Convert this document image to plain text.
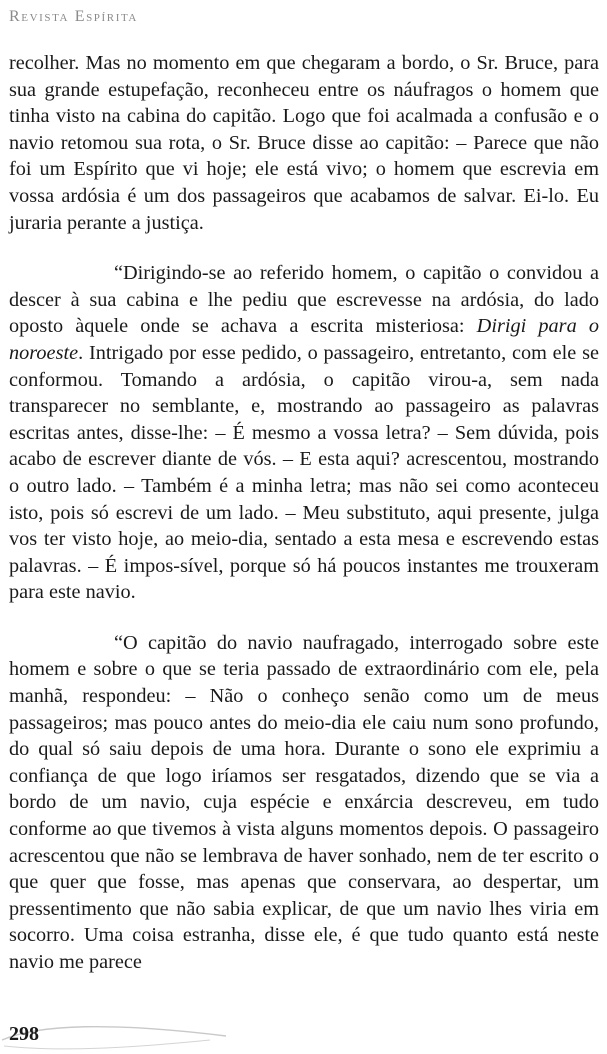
Revista Espírita

recolher. Mas no momento em que chegaram a bordo, o Sr. Bruce, para sua grande estupefação, reconheceu entre os náufragos o homem que tinha visto na cabina do capitão. Logo que foi acalmada a confusão e o navio retomou sua rota, o Sr. Bruce disse ao capitão: – Parece que não foi um Espírito que vi hoje; ele está vivo; o homem que escrevia em vossa ardósia é um dos passageiros que acabamos de salvar. Ei-lo. Eu juraria perante a justiça.

“Dirigindo-se ao referido homem, o capitão o convidou a descer à sua cabina e lhe pediu que escrevesse na ardósia, do lado oposto àquele onde se achava a escrita misteriosa: Dirigi para o noroeste. Intrigado por esse pedido, o passageiro, entretanto, com ele se conformou. Tomando a ardósia, o capitão virou-a, sem nada transparecer no semblante, e, mostrando ao passageiro as palavras escritas antes, disse-lhe: – É mesmo a vossa letra? – Sem dúvida, pois acabo de escrever diante de vós. – E esta aqui? acrescentou, mostrando o outro lado. – Também é a minha letra; mas não sei como aconteceu isto, pois só escrevi de um lado. – Meu substituto, aqui presente, julga vos ter visto hoje, ao meio-dia, sentado a esta mesa e escrevendo estas palavras. – É impos-sível, porque só há poucos instantes me trouxeram para este navio.

“O capitão do navio naufragado, interrogado sobre este homem e sobre o que se teria passado de extraordinário com ele, pela manhã, respondeu: – Não o conheço senão como um de meus passageiros; mas pouco antes do meio-dia ele caiu num sono profundo, do qual só saiu depois de uma hora. Durante o sono ele exprimiu a confiança de que logo iríamos ser resgatados, dizendo que se via a bordo de um navio, cuja espécie e enxárcia descreveu, em tudo conforme ao que tivemos à vista alguns momentos depois. O passageiro acrescentou que não se lembrava de haver sonhado, nem de ter escrito o que quer que fosse, mas apenas que conservara, ao despertar, um pressentimento que não sabia explicar, de que um navio lhes viria em socorro. Uma coisa estranha, disse ele, é que tudo quanto está neste navio me parece

298
